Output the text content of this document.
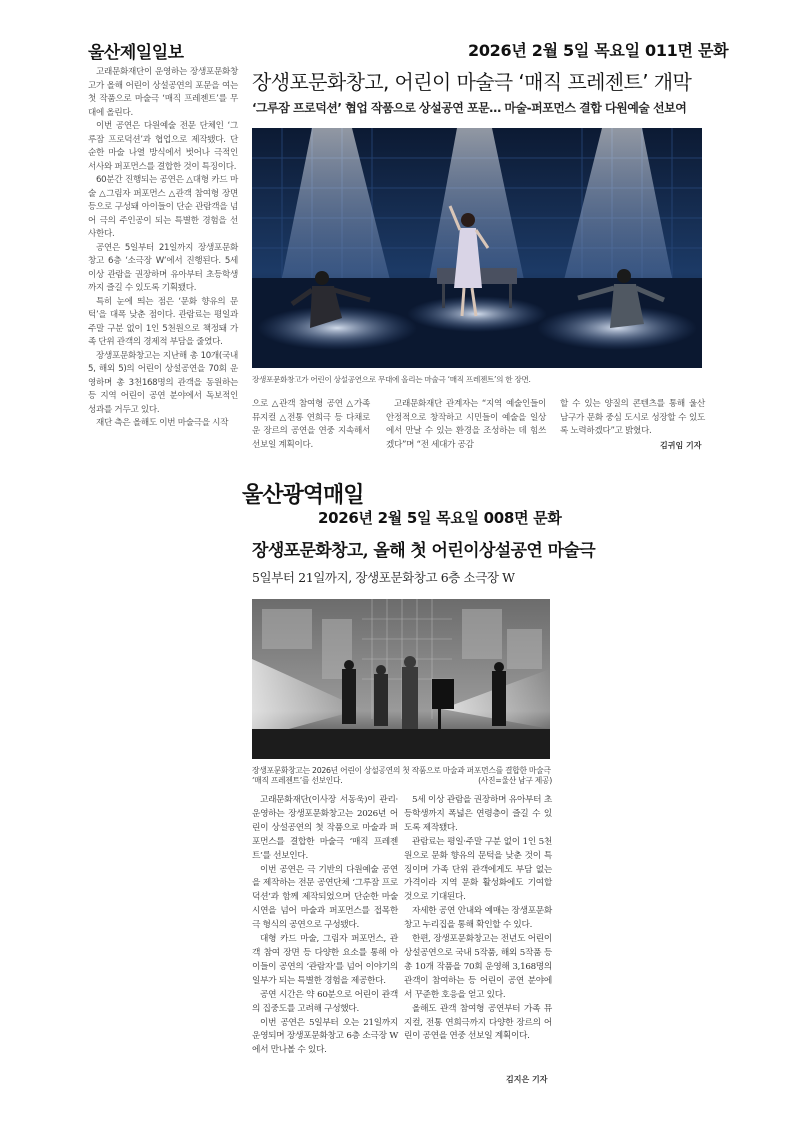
울산제일일보	2026년 2월 5일 목요일 011면 문화
장생포문화창고, 어린이 마술극 ‘매직 프레젠트’ 개막
‘그루잠 프로덕션’ 협업 작품으로 상설공연 포문… 마술-퍼포먼스 결합 다원예술 선보여

고래문화재단이 운영하는 장생포문화창고가 올해 어린이 상설공연의 포문을 여는 첫 작품으로 마술극 ‘매직 프레젠트’를 무대에 올린다.

이번 공연은 다원예술 전문 단체인 ‘그루잠 프로덕션’과 협업으로 제작됐다. 단순한 마술 나열 방식에서 벗어나 극적인 서사와 퍼포먼스를 결합한 것이 특징이다.

60분간 진행되는 공연은 △대형 카드 마술 △그림자 퍼포먼스 △관객 참여형 장면 등으로 구성돼 아이들이 단순 관람객을 넘어 극의 주인공이 되는 특별한 경험을 선사한다.

공연은 5일부터 21일까지 장생포문화창고 6층 ‘소극장 W’에서 진행된다. 5세 이상 관람을 권장하며 유아부터 초등학생까지 즐길 수 있도록 기획됐다.

특히 눈에 띄는 점은 ‘문화 향유의 문턱’을 대폭 낮춘 점이다. 관람료는 평일과 주말 구분 없이 1인 5천원으로 책정돼 가족 단위 관객의 경제적 부담을 줄였다.

장생포문화창고는 지난해 총 10개(국내 5, 해외 5)의 어린이 상설공연을 70회 운영하며 총 3천168명의 관객을 동원하는 등 지역 어린이 공연 분야에서 독보적인 성과를 거두고 있다.

재단 측은 올해도 이번 마술극을 시작

장생포문화창고가 어린이 상설공연으로 무대에 올리는 마술극 ‘매직 프레젠트’의 한 장면.

으로 △관객 참여형 공연 △가족 뮤지컬 △전통 연희극 등 다채로운 장르의 공연을 연중 지속해서 선보일 계획이다.

고래문화재단 관계자는 “지역 예술인들이 안정적으로 창작하고 시민들이 예술을 일상에서 만날 수 있는 환경을 조성하는 데 힘쓰겠다”며 “전 세대가 공감

할 수 있는 양질의 콘텐츠를 통해 울산 남구가 문화 중심 도시로 성장할 수 있도록 노력하겠다”고 밝혔다.

김귀임 기자
울산광역매일
2026년 2월 5일 목요일 008면 문화
장생포문화창고, 올해 첫 어린이상설공연 마술극
5일부터 21일까지, 장생포문화창고 6층 소극장 W
장생포문화창고는 2026년 어린이 상설공연의 첫 작품으로 마술과 퍼포먼스를 결합한 마술극 ‘매직 프레젠트’를 선보인다.	(사진=울산 남구 제공)

고래문화재단(이사장 서동욱)이 관리·운영하는 장생포문화창고는 2026년 어린이 상설공연의 첫 작품으로 마술과 퍼포먼스를 결합한 마술극 ‘매직 프레젠트’를 선보인다.

이번 공연은 극 기반의 다원예술 공연을 제작하는 전문 공연단체 ‘그루잠 프로덕션’과 함께 제작되었으며 단순한 마술 시연을 넘어 마술과 퍼포먼스를 접목한 극 형식의 공연으로 구성됐다.

대형 카드 마술, 그림자 퍼포먼스, 관객 참여 장면 등 다양한 요소를 통해 아이들이 공연의 ‘관람자’를 넘어 이야기의 일부가 되는 특별한 경험을 제공한다.

공연 시간은 약 60분으로 어린이 관객의 집중도를 고려해 구성했다.

이번 공연은 5일부터 오는 21일까지 운영되며 장생포문화창고 6층 소극장 W에서 만나볼 수 있다.

5세 이상 관람을 권장하며 유아부터 초등학생까지 폭넓은 연령층이 즐길 수 있도록 제작됐다.

관람료는 평일·주말 구분 없이 1인 5천원으로 문화 향유의 문턱을 낮춘 것이 특징이며 가족 단위 관객에게도 부담 없는 가격이라 지역 문화 활성화에도 기여할 것으로 기대된다.

자세한 공연 안내와 예매는 장생포문화창고 누리집을 통해 확인할 수 있다.

한편, 장생포문화창고는 전년도 어린이 상설공연으로 국내 5작품, 해외 5작품 등 총 10개 작품을 70회 운영해 3,168명의 관객이 참여하는 등 어린이 공연 분야에서 꾸준한 호응을 얻고 있다.

올해도 관객 참여형 공연부터 가족 뮤지컬, 전통 연희극까지 다양한 장르의 어린이 공연을 연중 선보일 계획이다.

김지은 기자
